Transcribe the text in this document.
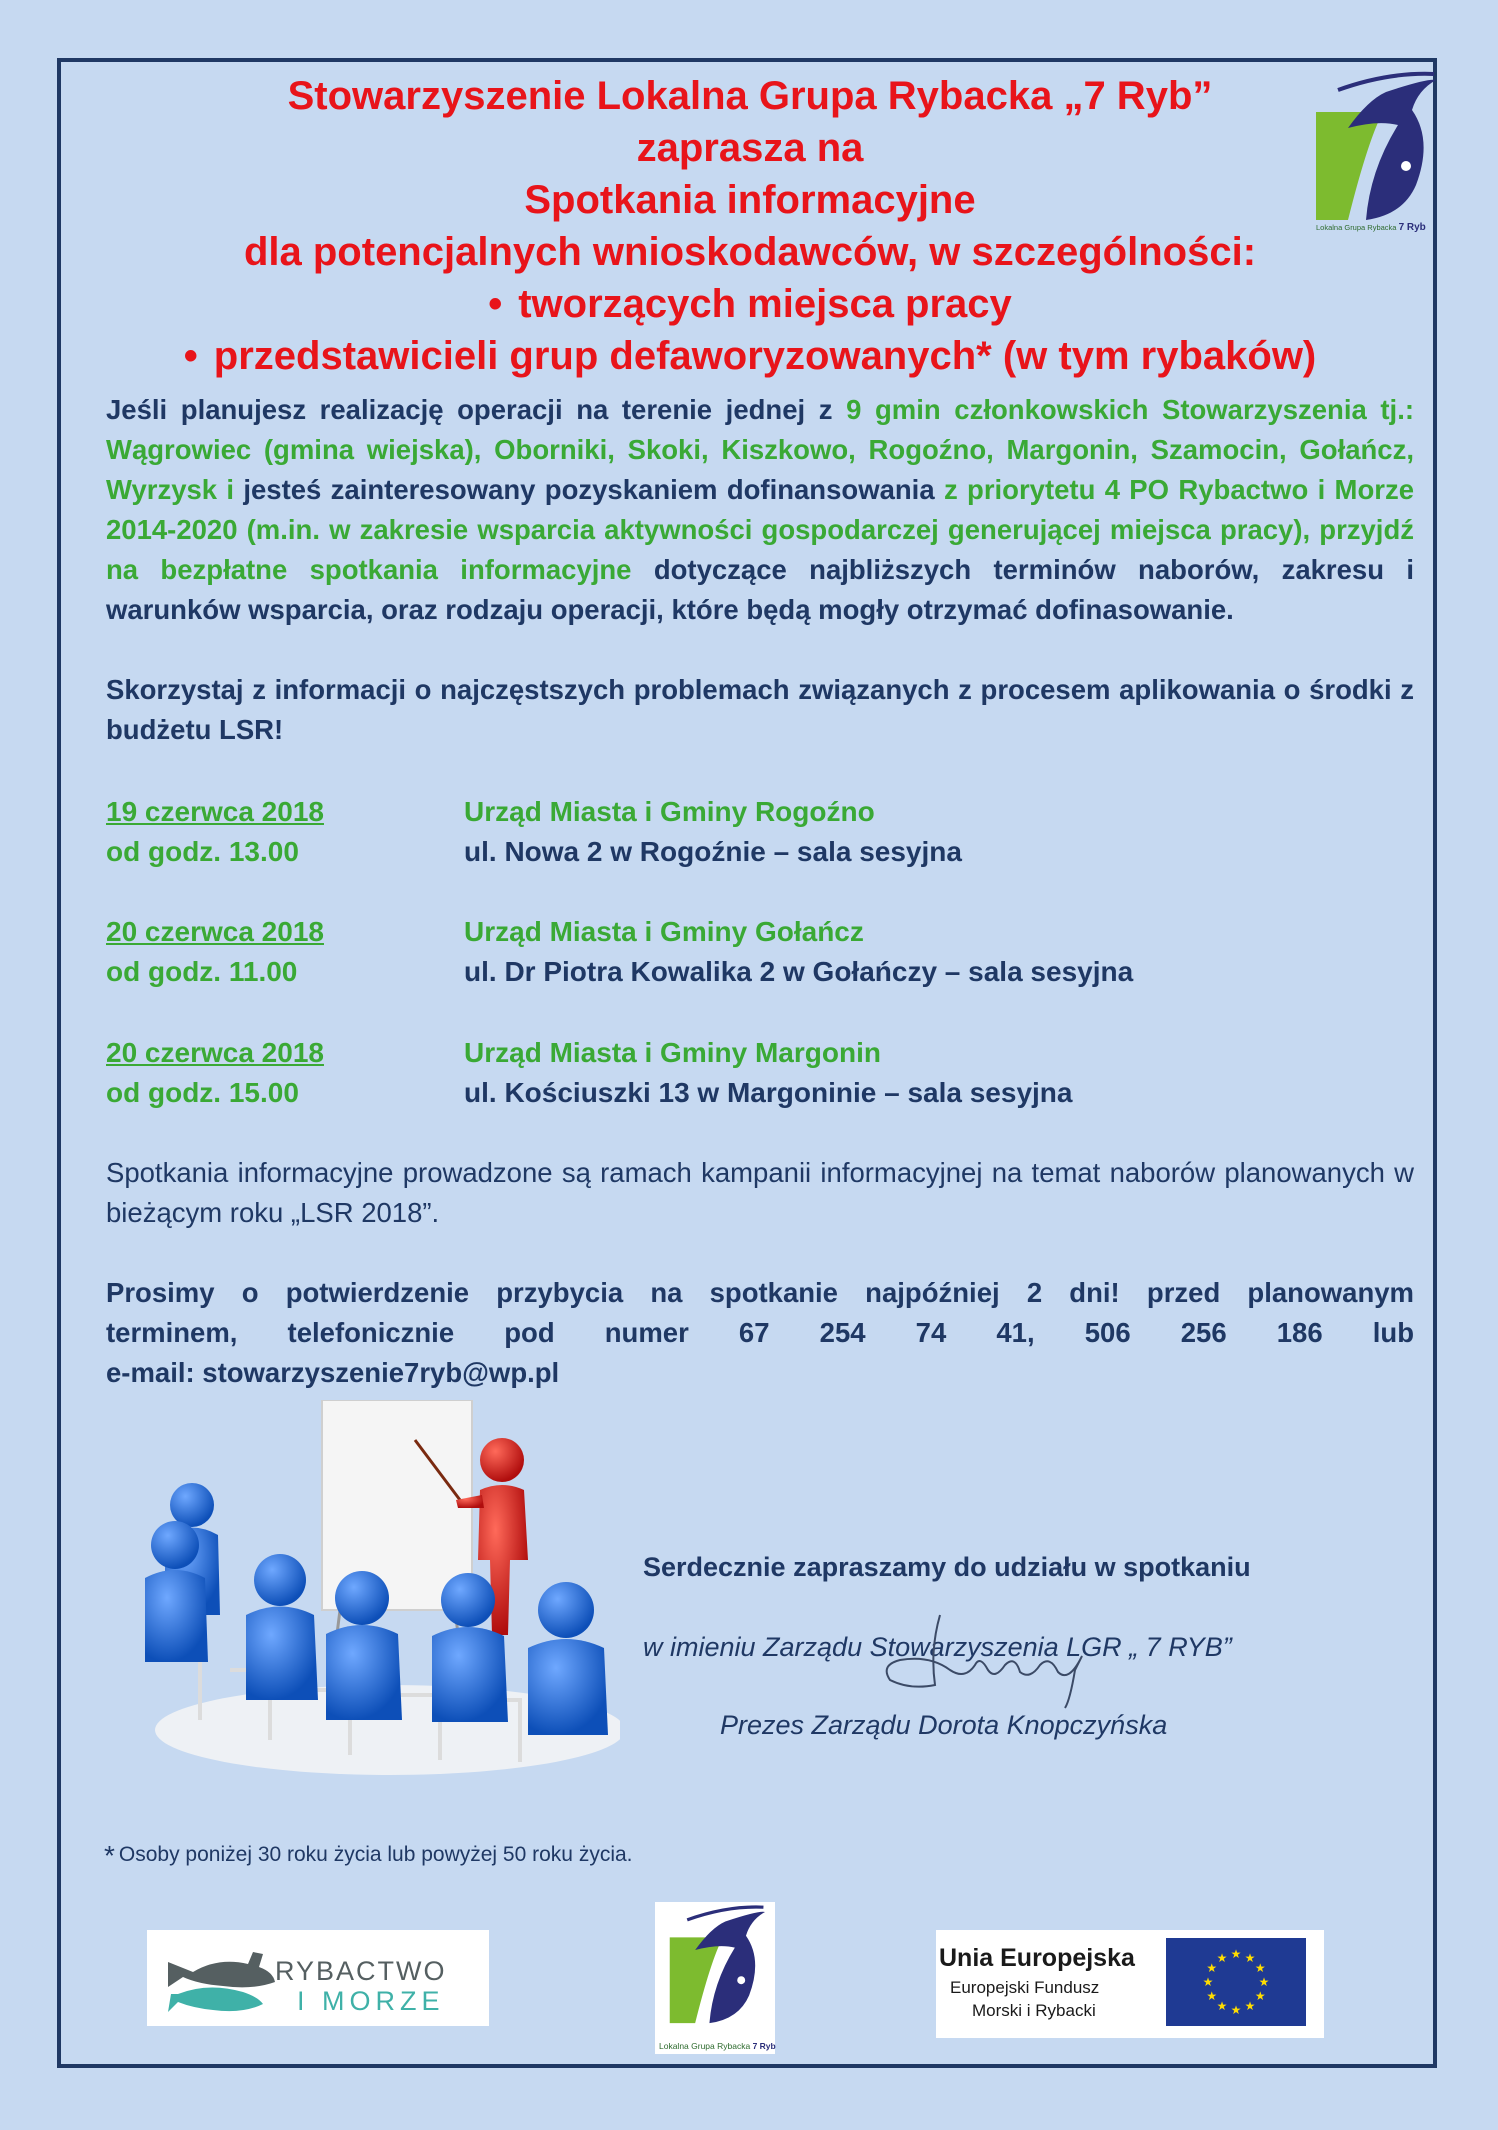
Stowarzyszenie Lokalna Grupa Rybacka „7 Ryb”
zaprasza na
Spotkania informacyjne
dla potencjalnych wnioskodawców, w szczególności:
• tworzących miejsca pracy
• przedstawicieli grup defaworyzowanych* (w tym rybaków)
Lokalna Grupa Rybacka 7 Ryb

Jeśli planujesz realizację operacji na terenie jednej z 9 gmin członkowskich Stowarzyszenia tj.: Wągrowiec (gmina wiejska), Oborniki, Skoki, Kiszkowo, Rogoźno, Margonin, Szamocin, Gołańcz, Wyrzysk i jesteś zainteresowany pozyskaniem dofinansowania z priorytetu 4 PO Rybactwo i Morze 2014-2020 (m.in. w zakresie wsparcia aktywności gospodarczej generującej miejsca pracy), przyjdź na bezpłatne spotkania informacyjne dotyczące najbliższych terminów naborów, zakresu i warunków wsparcia, oraz rodzaju operacji, które będą mogły otrzymać dofinasowanie.

Skorzystaj z informacji o najczęstszych problemach związanych z procesem aplikowania o środki z budżetu LSR!

19 czerwca 2018
od godz. 13.00
Urząd Miasta i Gminy Rogoźno
ul. Nowa 2 w Rogoźnie – sala sesyjna
20 czerwca 2018
od godz. 11.00
Urząd Miasta i Gminy Gołańcz
ul. Dr Piotra Kowalika 2 w Gołańczy – sala sesyjna
20 czerwca 2018
od godz. 15.00
Urząd Miasta i Gminy Margonin
ul. Kościuszki 13 w Margoninie – sala sesyjna

Spotkania informacyjne prowadzone są ramach kampanii informacyjnej na temat naborów planowanych w bieżącym roku „LSR 2018”.

Prosimy o potwierdzenie przybycia na spotkanie najpóźniej 2 dni! przed planowanym
terminem, telefonicznie pod numer 67 254 74 41, 506 256 186 lub
e-mail: stowarzyszenie7ryb@wp.pl
Serdecznie zapraszamy do udziału w spotkaniu
w imieniu Zarządu Stowarzyszenia LGR „ 7 RYB”
Prezes Zarządu Dorota Knopczyńska
* Osoby poniżej 30 roku życia lub powyżej 50 roku życia.
RYBACTWO
I MORZE
Lokalna Grupa Rybacka 7 Ryb
Unia Europejska
Europejski Fundusz
Morski i Rybacki
★ ★
★
★
★
★
★
★
★
★
★
★
